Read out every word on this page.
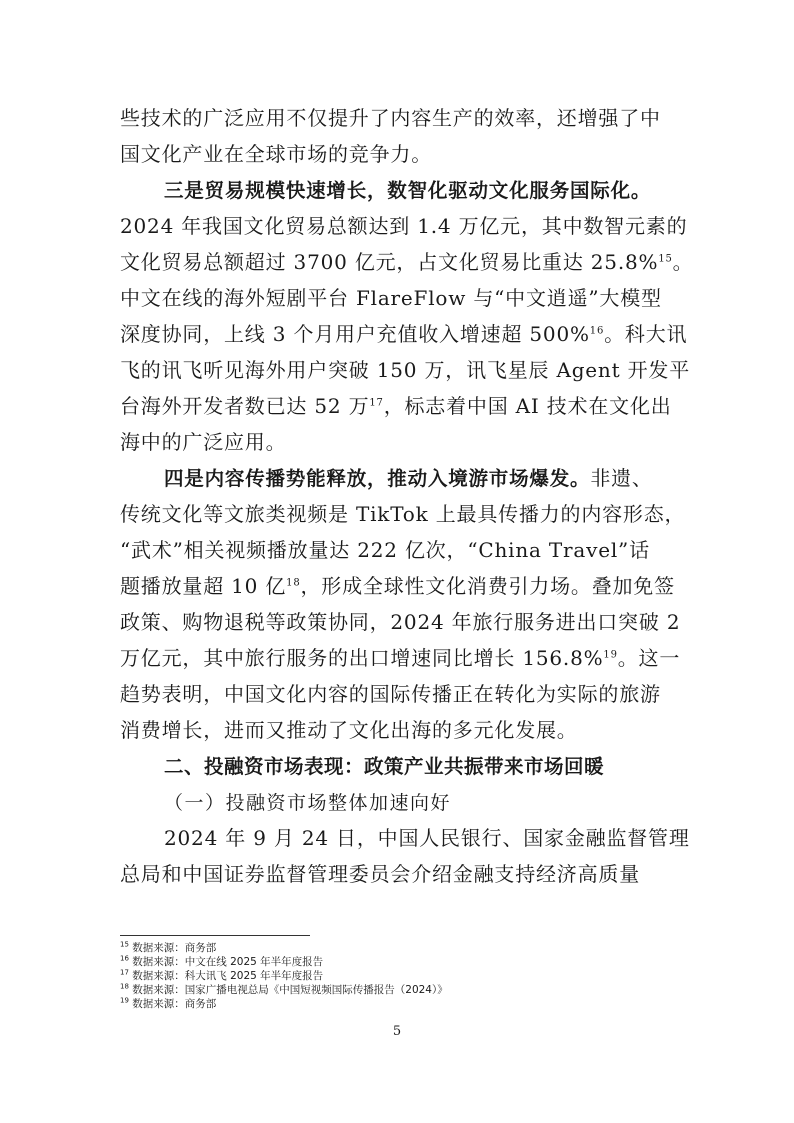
些技术的广泛应用不仅提升了内容生产的效率，还增强了中
国文化产业在全球市场的竞争力。
三是贸易规模快速增长，数智化驱动文化服务国际化。
2024 年我国文化贸易总额达到 1.4 万亿元，其中数智元素的
文化贸易总额超过 3700 亿元，占文化贸易比重达 25.8%$^{15}$。
中文在线的海外短剧平台 FlareFlow 与“中文逍遥”大模型
深度协同，上线 3 个月用户充值收入增速超 500%$^{16}$。科大讯
飞的讯飞听见海外用户突破 150 万，讯飞星辰 Agent 开发平
台海外开发者数已达 52 万$^{17}$，标志着中国 AI 技术在文化出
海中的广泛应用。
四是内容传播势能释放，推动入境游市场爆发。非遗、
传统文化等文旅类视频是 TikTok 上最具传播力的内容形态，
“武术”相关视频播放量达 222 亿次，“China Travel”话
题播放量超 10 亿$^{18}$，形成全球性文化消费引力场。叠加免签
政策、购物退税等政策协同，2024 年旅行服务进出口突破 2
万亿元，其中旅行服务的出口增速同比增长 156.8%$^{19}$。这一
趋势表明，中国文化内容的国际传播正在转化为实际的旅游
消费增长，进而又推动了文化出海的多元化发展。
二、投融资市场表现：政策产业共振带来市场回暖
（一）投融资市场整体加速向好
2024 年 9 月 24 日，中国人民银行、国家金融监督管理
总局和中国证券监督管理委员会介绍金融支持经济高质量
$^{15}$ 数据来源：商务部
$^{16}$ 数据来源：中文在线 2025 年半年度报告
$^{17}$ 数据来源：科大讯飞 2025 年半年度报告
$^{18}$ 数据来源：国家广播电视总局《中国短视频国际传播报告（2024）》
$^{19}$ 数据来源：商务部
5
